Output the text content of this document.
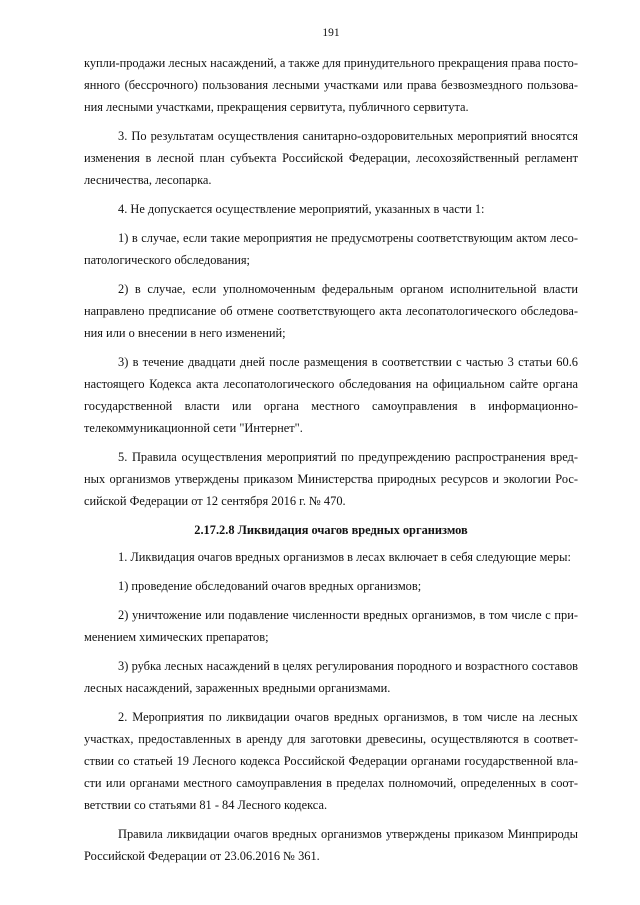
191

купли-продажи лесных насаждений, а также для принудительного прекращения права постоянного (бессрочного) пользования лесными участками или права безвозмездного пользования лесными участками, прекращения сервитута, публичного сервитута.

3. По результатам осуществления санитарно-оздоровительных мероприятий вносятся изменения в лесной план субъекта Российской Федерации, лесохозяйственный регламент лесничества, лесопарка.

4. Не допускается осуществление мероприятий, указанных в части 1:

1) в случае, если такие мероприятия не предусмотрены соответствующим актом лесопатологического обследования;

2) в случае, если уполномоченным федеральным органом исполнительной власти направлено предписание об отмене соответствующего акта лесопатологического обследования или о внесении в него изменений;

3) в течение двадцати дней после размещения в соответствии с частью 3 статьи 60.6 настоящего Кодекса акта лесопатологического обследования на официальном сайте органа государственной власти или органа местного самоуправления в информационно-телекоммуникационной сети "Интернет".

5. Правила осуществления мероприятий по предупреждению распространения вредных организмов утверждены приказом Министерства природных ресурсов и экологии Российской Федерации от 12 сентября 2016 г. № 470.

2.17.2.8 Ликвидация очагов вредных организмов

1. Ликвидация очагов вредных организмов в лесах включает в себя следующие меры:

1) проведение обследований очагов вредных организмов;

2) уничтожение или подавление численности вредных организмов, в том числе с применением химических препаратов;

3) рубка лесных насаждений в целях регулирования породного и возрастного составов лесных насаждений, зараженных вредными организмами.

2. Мероприятия по ликвидации очагов вредных организмов, в том числе на лесных участках, предоставленных в аренду для заготовки древесины, осуществляются в соответствии со статьей 19 Лесного кодекса Российской Федерации органами государственной власти или органами местного самоуправления в пределах полномочий, определенных в соответствии со статьями 81 - 84 Лесного кодекса.

Правила ликвидации очагов вредных организмов утверждены приказом Минприроды Российской Федерации от 23.06.2016 № 361.
